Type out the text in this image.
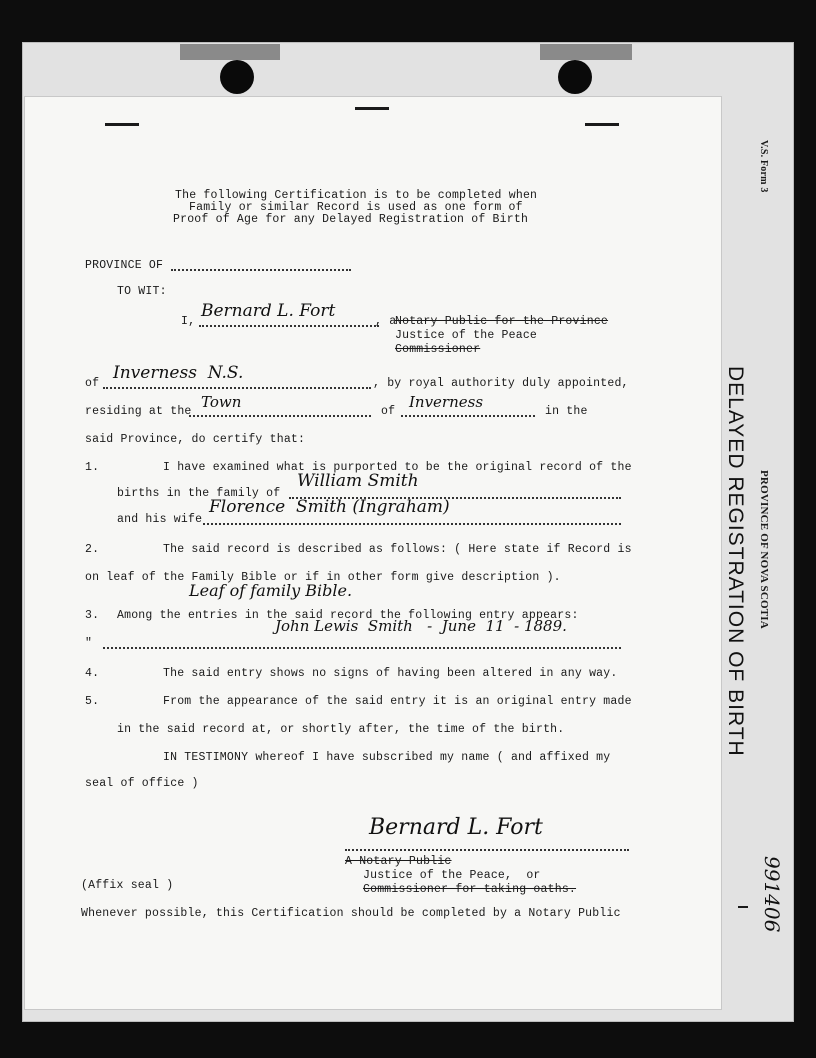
The following Certification is to be completed when
Family or similar Record is used as one form of
Proof of Age for any Delayed Registration of Birth
PROVINCE OF
TO WIT:
I,
Bernard L. Fort
, a
Notary Public for the Province
Justice of the Peace
Commissioner
of
Inverness  N.S.
, by royal authority duly appointed,
residing at the
Town
of
Inverness
in the
said Province, do certify that:
1.	I have examined what is purported to be the original record of the
births in the family of
William Smith
and his wife
Florence  Smith (Ingraham)
2.	The said record is described as follows: ( Here state if Record is
on leaf of the Family Bible or if in other form give description ).
Leaf of family Bible.
3. Among the entries in the said record the following entry appears:
"
John Lewis  Smith   -  June  11  - 1889.
4.	The said entry shows no signs of having been altered in any way.
5.	From the appearance of the said entry it is an original entry made
in the said record at, or shortly after, the time of the birth.
IN TESTIMONY whereof I have subscribed my name ( and affixed my
seal of office )
Bernard L. Fort
A Notary Public
Justice of the Peace,  or
Commissioner for taking oaths.
(Affix seal )
Whenever possible, this Certification should be completed by a Notary Public
V.S. Form 3
PROVINCE OF NOVA SCOTIA
DELAYED REGISTRATION OF BIRTH
991406
